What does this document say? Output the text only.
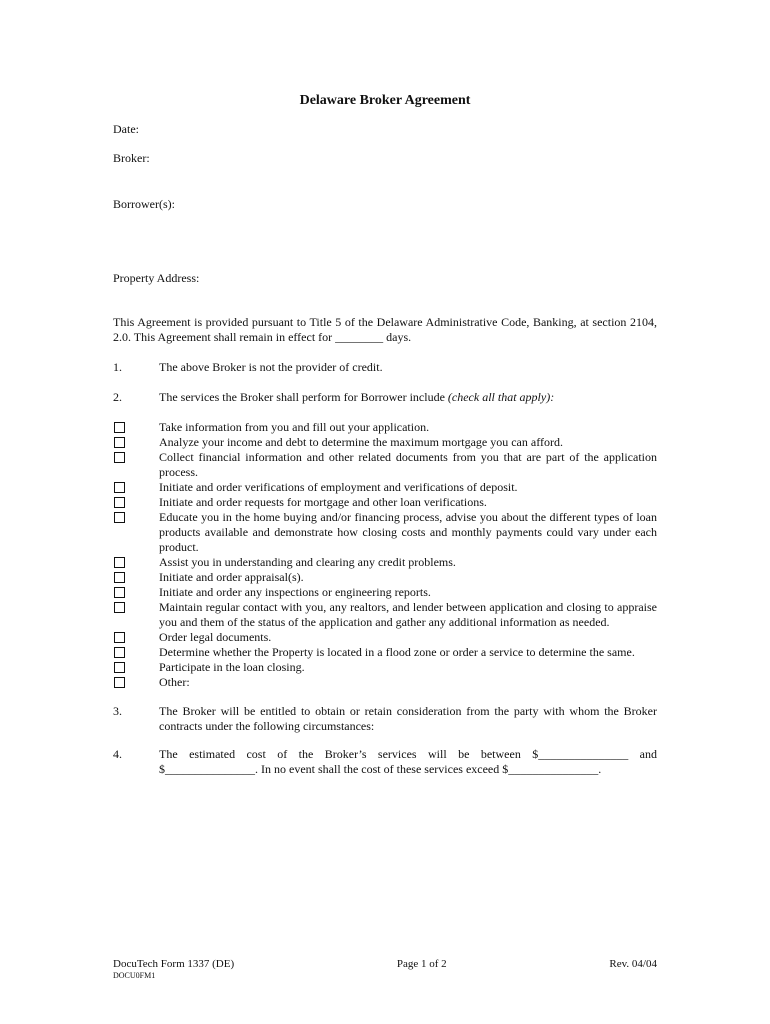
Delaware Broker Agreement

Date:

Broker:

Borrower(s):

Property Address:

This Agreement is provided pursuant to Title 5 of the Delaware Administrative Code, Banking, at section 2104, 2.0. This Agreement shall remain in effect for ________ days.

1.	The above Broker is not the provider of credit.
2.	The services the Broker shall perform for Borrower include (check all that apply):
Take information from you and fill out your application.
Analyze your income and debt to determine the maximum mortgage you can afford.
Collect financial information and other related documents from you that are part of the application process.
Initiate and order verifications of employment and verifications of deposit.
Initiate and order requests for mortgage and other loan verifications.
Educate you in the home buying and/or financing process, advise you about the different types of loan products available and demonstrate how closing costs and monthly payments could vary under each product.
Assist you in understanding and clearing any credit problems.
Initiate and order appraisal(s).
Initiate and order any inspections or engineering reports.
Maintain regular contact with you, any realtors, and lender between application and closing to appraise you and them of the status of the application and gather any additional information as needed.
Order legal documents.
Determine whether the Property is located in a flood zone or order a service to determine the same.
Participate in the loan closing.
Other:
3.	The Broker will be entitled to obtain or retain consideration from the party with whom the Broker contracts under the following circumstances:
4.	The estimated cost of the Broker’s services will be between $_______________ and $_______________. In no event shall the cost of these services exceed $_______________.
DocuTech Form 1337 (DE)	Page 1 of 2	Rev. 04/04
DOCU0FM1
